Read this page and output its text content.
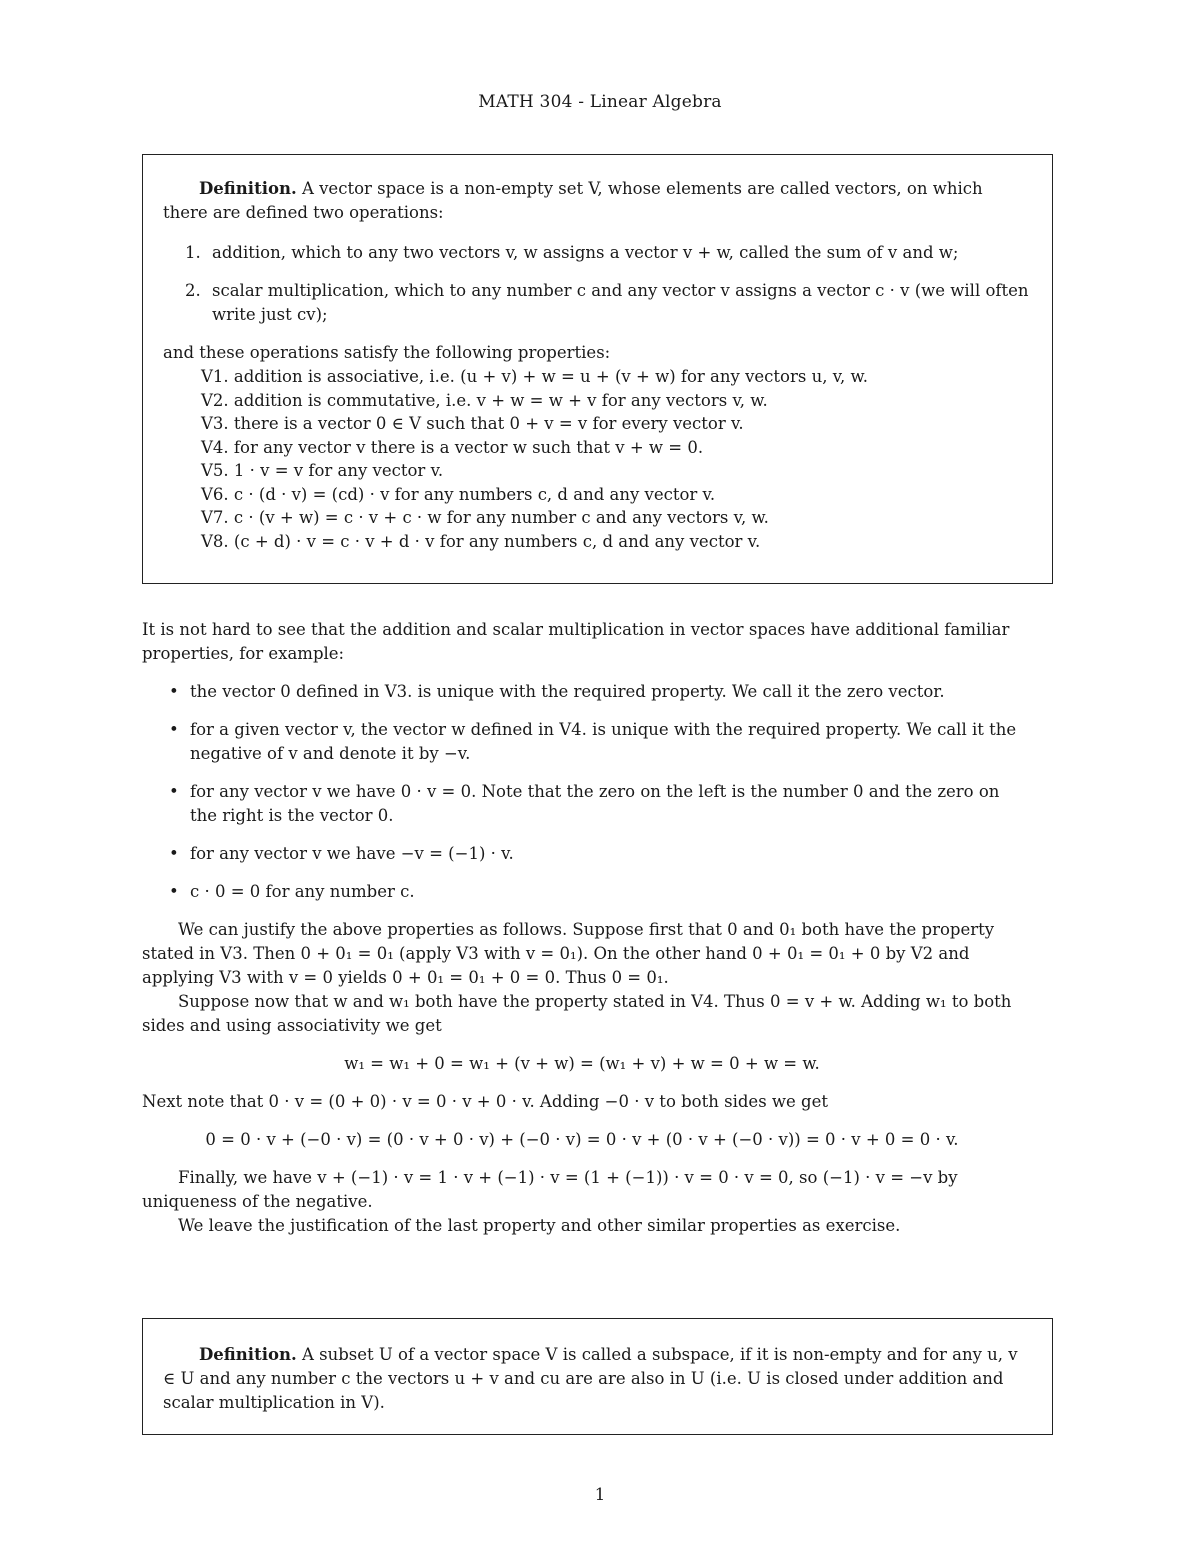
MATH 304 - Linear Algebra

Definition. A vector space is a non-empty set V, whose elements are called vectors, on which there are defined two operations:

1. addition, which to any two vectors v, w assigns a vector v + w, called the sum of v and w;
2. scalar multiplication, which to any number c and any vector v assigns a vector c · v (we will often write just cv);

and these operations satisfy the following properties:

V1. addition is associative, i.e. (u + v) + w = u + (v + w) for any vectors u, v, w.
V2. addition is commutative, i.e. v + w = w + v for any vectors v, w.
V3. there is a vector 0 ∈ V such that 0 + v = v for every vector v.
V4. for any vector v there is a vector w such that v + w = 0.
V5. 1 · v = v for any vector v.
V6. c · (d · v) = (cd) · v for any numbers c, d and any vector v.
V7. c · (v + w) = c · v + c · w for any number c and any vectors v, w.
V8. (c + d) · v = c · v + d · v for any numbers c, d and any vector v.

It is not hard to see that the addition and scalar multiplication in vector spaces have additional familiar properties, for example:

• the vector 0 defined in V3. is unique with the required property. We call it the zero vector.
• for a given vector v, the vector w defined in V4. is unique with the required property. We call it the negative of v and denote it by −v.
• for any vector v we have 0 · v = 0. Note that the zero on the left is the number 0 and the zero on the right is the vector 0.
• for any vector v we have −v = (−1) · v.
• c · 0 = 0 for any number c.

We can justify the above properties as follows. Suppose first that 0 and 0₁ both have the property stated in V3. Then 0 + 0₁ = 0₁ (apply V3 with v = 0₁). On the other hand 0 + 0₁ = 0₁ + 0 by V2 and applying V3 with v = 0 yields 0 + 0₁ = 0₁ + 0 = 0. Thus 0 = 0₁.

Suppose now that w and w₁ both have the property stated in V4. Thus 0 = v + w. Adding w₁ to both sides and using associativity we get

w₁ = w₁ + 0 = w₁ + (v + w) = (w₁ + v) + w = 0 + w = w.

Next note that 0 · v = (0 + 0) · v = 0 · v + 0 · v. Adding −0 · v to both sides we get

0 = 0 · v + (−0 · v) = (0 · v + 0 · v) + (−0 · v) = 0 · v + (0 · v + (−0 · v)) = 0 · v + 0 = 0 · v.

Finally, we have v + (−1) · v = 1 · v + (−1) · v = (1 + (−1)) · v = 0 · v = 0, so (−1) · v = −v by uniqueness of the negative.

We leave the justification of the last property and other similar properties as exercise.

Definition. A subset U of a vector space V is called a subspace, if it is non-empty and for any u, v ∈ U and any number c the vectors u + v and cu are are also in U (i.e. U is closed under addition and scalar multiplication in V).

1
